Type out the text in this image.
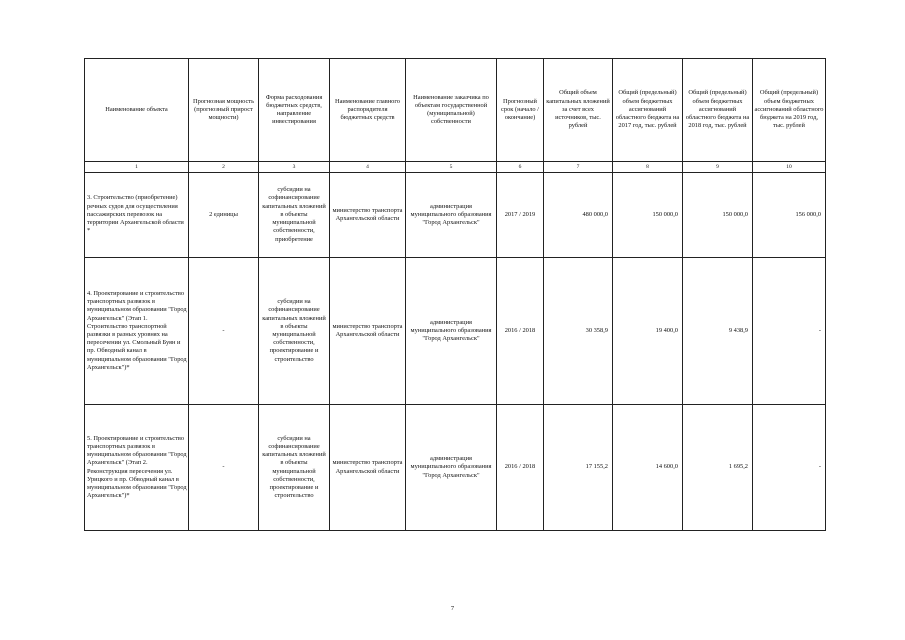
Наименование объекта	Прогнозная мощность (прогнозный прирост мощности)	Форма расходования бюджетных средств, направление инвестирования	Наименование главного распорядителя бюджетных средств	Наименование заказчика по объектам государственной (муниципальной) собственности	Прогнозный срок (начало / окончание)	Общий объем капитальных вложений за счет всех источников, тыс. рублей	Общий (предельный) объем бюджетных ассигнований областного бюджета на 2017 год, тыс. рублей	Общий (предельный) объем бюджетных ассигнований областного бюджета на 2018 год, тыс. рублей	Общий (предельный) объем бюджетных ассигнований областного бюджета на 2019 год, тыс. рублей
1	2	3	4	5	6	7	8	9	10
3. Строительство (приобретение) речных судов для осуществления пассажирских перевозок на территории Архангельской области *	2 единицы	субсидии на софинансирование капитальных вложений в объекты муниципальной собственности, приобретение	министерство транспорта Архангельской области	администрация муниципального образования "Город Архангельск"	2017 / 2019	480 000,0	150 000,0	150 000,0	156 000,0
4. Проектирование и строительство транспортных развязок в муниципальном образовании "Город Архангельск" (Этап 1. Строительство транспортной развязки в разных уровнях на пересечении ул. Смольный Буян и пр. Обводный канал в муниципальном образовании "Город Архангельск")*	-	субсидии на софинансирование капитальных вложений в объекты муниципальной собственности, проектирование и строительство	министерство транспорта Архангельской области	администрация муниципального образования "Город Архангельск"	2016 / 2018	30 358,9	19 400,0	9 438,9	-
5. Проектирование и строительство транспортных развязок в муниципальном образовании "Город Архангельск" (Этап 2. Реконструкция пересечения ул. Урицкого и пр. Обводный канал в муниципальном образовании "Город Архангельск")*	-	субсидии на софинансирование капитальных вложений в объекты муниципальной собственности, проектирование и строительство	министерство транспорта Архангельской области	администрация муниципального образования "Город Архангельск"	2016 / 2018	17 155,2	14 600,0	1 695,2	-
7
